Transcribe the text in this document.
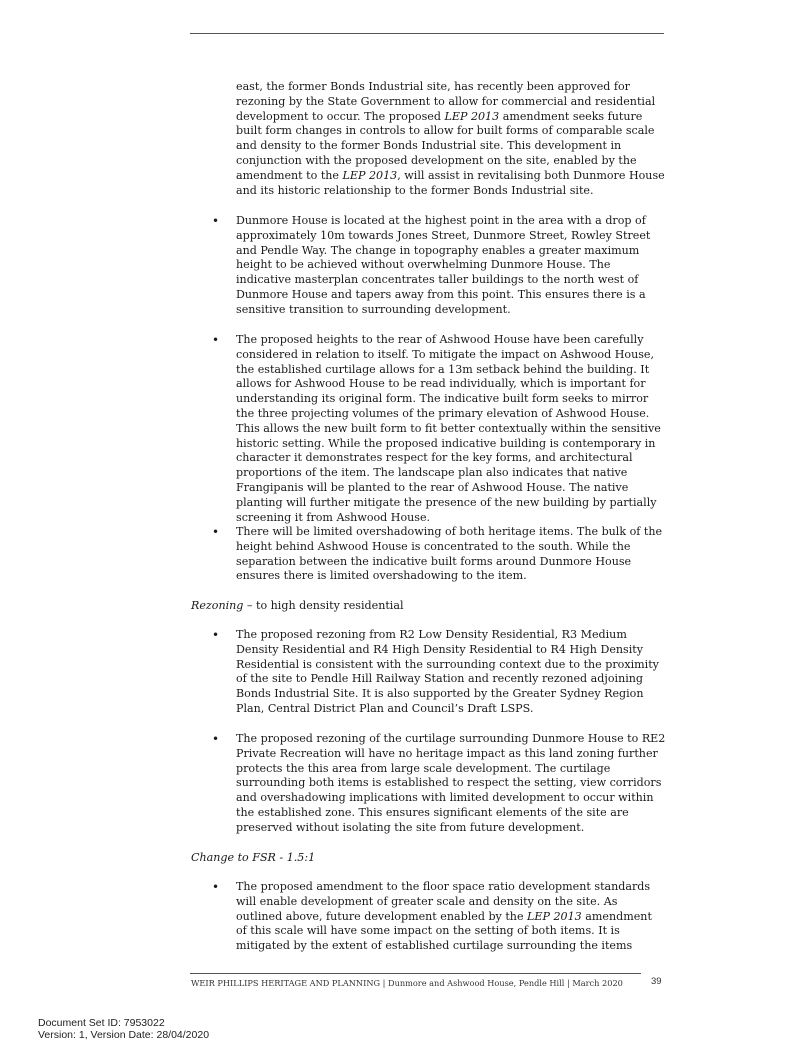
east, the former Bonds Industrial site, has recently been approved for rezoning by the State Government to allow for commercial and residential development to occur. The proposed LEP 2013 amendment seeks future built form changes in controls to allow for built forms of comparable scale and density to the former Bonds Industrial site. This development in conjunction with the proposed development on the site, enabled by the amendment to the LEP 2013, will assist in revitalising both Dunmore House and its historic relationship to the former Bonds Industrial site.

• Dunmore House is located at the highest point in the area with a drop of approximately 10m towards Jones Street, Dunmore Street, Rowley Street and Pendle Way. The change in topography enables a greater maximum height to be achieved without overwhelming Dunmore House. The indicative masterplan concentrates taller buildings to the north west of Dunmore House and tapers away from this point. This ensures there is a sensitive transition to surrounding development.

• The proposed heights to the rear of Ashwood House have been carefully considered in relation to itself. To mitigate the impact on Ashwood House, the established curtilage allows for a 13m setback behind the building. It allows for Ashwood House to be read individually, which is important for understanding its original form. The indicative built form seeks to mirror the three projecting volumes of the primary elevation of Ashwood House. This allows the new built form to fit better contextually within the sensitive historic setting. While the proposed indicative building is contemporary in character it demonstrates respect for the key forms, and architectural proportions of the item. The landscape plan also indicates that native Frangipanis will be planted to the rear of Ashwood House. The native planting will further mitigate the presence of the new building by partially screening it from Ashwood House.

• There will be limited overshadowing of both heritage items. The bulk of the height behind Ashwood House is concentrated to the south. While the separation between the indicative built forms around Dunmore House ensures there is limited overshadowing to the item.

Rezoning – to high density residential
• The proposed rezoning from R2 Low Density Residential, R3 Medium Density Residential and R4 High Density Residential to R4 High Density Residential is consistent with the surrounding context due to the proximity of the site to Pendle Hill Railway Station and recently rezoned adjoining Bonds Industrial Site. It is also supported by the Greater Sydney Region Plan, Central District Plan and Council’s Draft LSPS.

• The proposed rezoning of the curtilage surrounding Dunmore House to RE2 Private Recreation will have no heritage impact as this land zoning further protects the this area from large scale development. The curtilage surrounding both items is established to respect the setting, view corridors and overshadowing implications with limited development to occur within the established zone. This ensures significant elements of the site are preserved without isolating the site from future development.

Change to FSR - 1.5:1
• The proposed amendment to the floor space ratio development standards will enable development of greater scale and density on the site. As outlined above, future development enabled by the LEP 2013 amendment of this scale will have some impact on the setting of both items. It is mitigated by the extent of established curtilage surrounding the items

WEIR PHILLIPS HERITAGE AND PLANNING | Dunmore and Ashwood House, Pendle Hill | March 2020	39
Document Set ID: 7953022
Version: 1, Version Date: 28/04/2020
